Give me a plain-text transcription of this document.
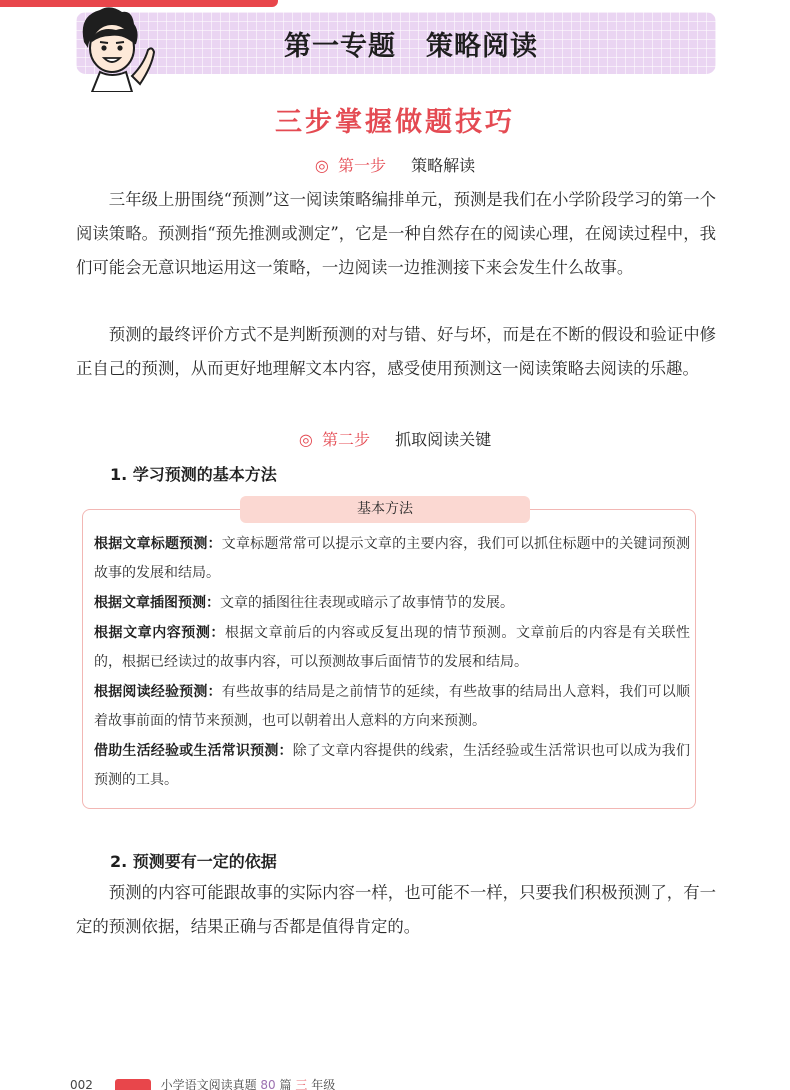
第一专题 策略阅读
三步掌握做题技巧
◎ 第一步 策略解读

三年级上册围绕“预测”这一阅读策略编排单元，预测是我们在小学阶段学习的第一个阅读策略。预测指“预先推测或测定”，它是一种自然存在的阅读心理，在阅读过程中，我们可能会无意识地运用这一策略，一边阅读一边推测接下来会发生什么故事。

预测的最终评价方式不是判断预测的对与错、好与坏，而是在不断的假设和验证中修正自己的预测，从而更好地理解文本内容，感受使用预测这一阅读策略去阅读的乐趣。

◎ 第二步 抓取阅读关键
1. 学习预测的基本方法
基本方法

根据文章标题预测：文章标题常常可以提示文章的主要内容，我们可以抓住标题中的关键词预测故事的发展和结局。

根据文章插图预测：文章的插图往往表现或暗示了故事情节的发展。

根据文章内容预测：根据文章前后的内容或反复出现的情节预测。文章前后的内容是有关联性的，根据已经读过的故事内容，可以预测故事后面情节的发展和结局。

根据阅读经验预测：有些故事的结局是之前情节的延续，有些故事的结局出人意料，我们可以顺着故事前面的情节来预测，也可以朝着出人意料的方向来预测。

借助生活经验或生活常识预测：除了文章内容提供的线索，生活经验或生活常识也可以成为我们预测的工具。

2. 预测要有一定的依据

预测的内容可能跟故事的实际内容一样，也可能不一样，只要我们积极预测了，有一定的预测依据，结果正确与否都是值得肯定的。

002	小学语文阅读真题 80 篇 三 年级
